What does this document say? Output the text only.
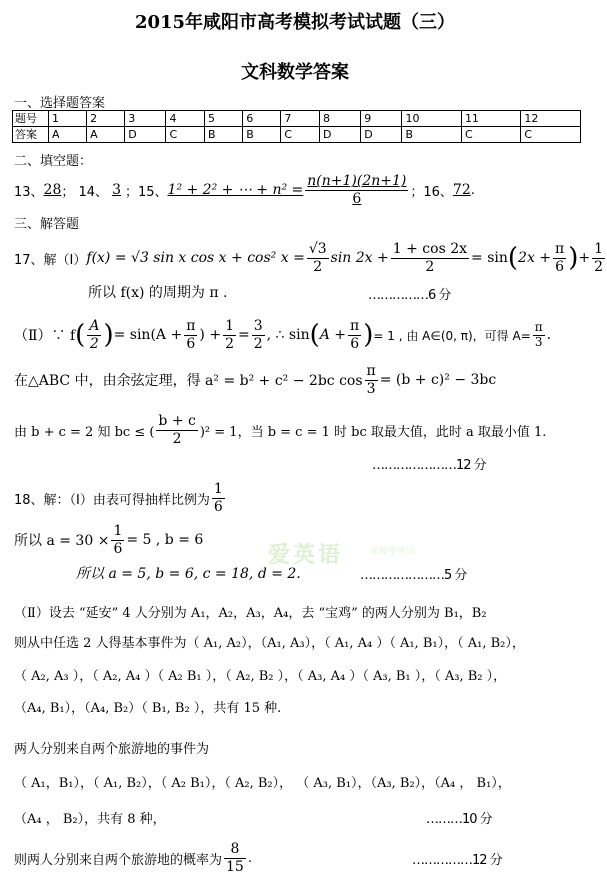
2015年咸阳市高考模拟考试试题（三）
文科数学答案
一、选择题答案
题号	1	2	3	4	5	6	7	8	9	10	11	12
答案	A	A	D	C	B	B	C	D	D	B	C	C
二、填空题：
13、 28 ； 14、 3 ；15、 1² + 2² + ⋯ + $n^2 = \frac{n(n+1)(2n+1)}{6}$ ；16、 72 .
三、解答题
17、解（Ⅰ） f(x) = √3 sin x cos x + cos² $x = \frac{√3}{2}$ $\sin 2x + \frac{1 + \cos 2x}{2} = \sin$ ( $2x + \frac{\pi}{6}$ ) + $\frac{1}{2}$
所以 f(x) 的周期为 π .	……………6 分
（Ⅱ）∵ f ( $\frac{A}{2}$ ) = $\sin(A + \frac{\pi}{6}$ ) + $\frac{1}{2} = \frac{3}{2}$ , ∴ sin ( $A + \frac{\pi}{6}$ ) = 1 , 由 A∈(0, π)，可得 $A= \frac{\pi}{3}$ .
在△ABC 中，由余弦定理，得 a² = b² + c² − 2bc $\cos \frac{\pi}{3} = (b + c)^2 - 3bc$
由 b + c = 2 知 bc ≤ ( $\frac{b + c}{2} )^2 = 1$，当 b = c = 1 时 bc 取最大值，此时 a 取最小值 1.
…………………12 分
18、解：（Ⅰ）由表可得抽样比例为 $\frac{1}{6}$
爱英语	家校学英语
所以 $a = 30 \times \frac{1}{6} = 5$ , b = 6
所以 a = 5, b = 6, c = 18, d = 2.	…………………5 分
（Ⅱ）设去 “延安” 4 人分别为 A₁，A₂，A₃，A₄，去 “宝鸡” 的两人分别为 B₁，B₂
则从中任选 2 人得基本事件为（ A₁, A₂），（A₁, A₃），（ A₁, A₄ ）（ A₁, B₁），（ A₁, B₂），
（ A₂, A₃ ），（ A₂, A₄ ）（ A₂ B₁ ），（ A₂, B₂ ），（ A₃, A₄ ）（ A₃, B₁ ），（ A₃, B₂ ），
（A₄, B₁），（A₄, B₂）（ B₁, B₂ ），共有 15 种.
两人分别来自两个旅游地的事件为
（ A₁，B₁），（ A₁, B₂），（ A₂ B₁），（ A₂, B₂）， （ A₃, B₁），（A₃, B₂），（A₄ ， B₁），
（A₄ ， B₂），共有 8 种，	………10 分
则两人分别来自两个旅游地的概率为 $\frac{8}{15}$ .	……………12 分
